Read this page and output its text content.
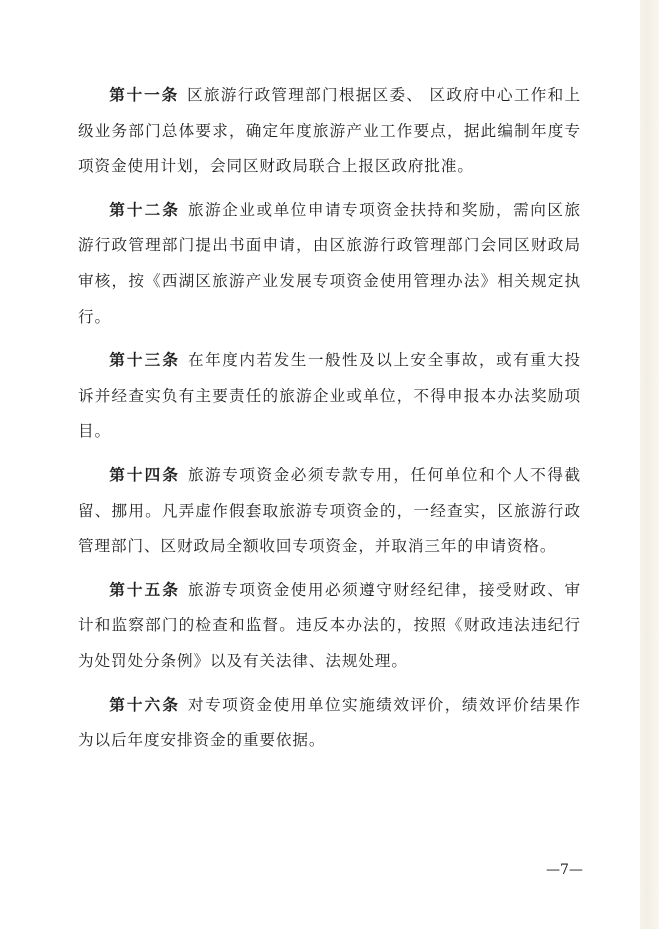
第十一条 区旅游行政管理部门根据区委、 区政府中心工作和上级业务部门总体要求，确定年度旅游产业工作要点，据此编制年度专项资金使用计划，会同区财政局联合上报区政府批准。

第十二条 旅游企业或单位申请专项资金扶持和奖励，需向区旅游行政管理部门提出书面申请，由区旅游行政管理部门会同区财政局审核，按《西湖区旅游产业发展专项资金使用管理办法》相关规定执行。

第十三条 在年度内若发生一般性及以上安全事故，或有重大投诉并经查实负有主要责任的旅游企业或单位，不得申报本办法奖励项目。

第十四条 旅游专项资金必须专款专用，任何单位和个人不得截留、挪用。凡弄虚作假套取旅游专项资金的，一经查实，区旅游行政管理部门、区财政局全额收回专项资金，并取消三年的申请资格。

第十五条 旅游专项资金使用必须遵守财经纪律，接受财政、审计和监察部门的检查和监督。违反本办法的，按照《财政违法违纪行为处罚处分条例》以及有关法律、法规处理。

第十六条 对专项资金使用单位实施绩效评价，绩效评价结果作为以后年度安排资金的重要依据。

—7—
